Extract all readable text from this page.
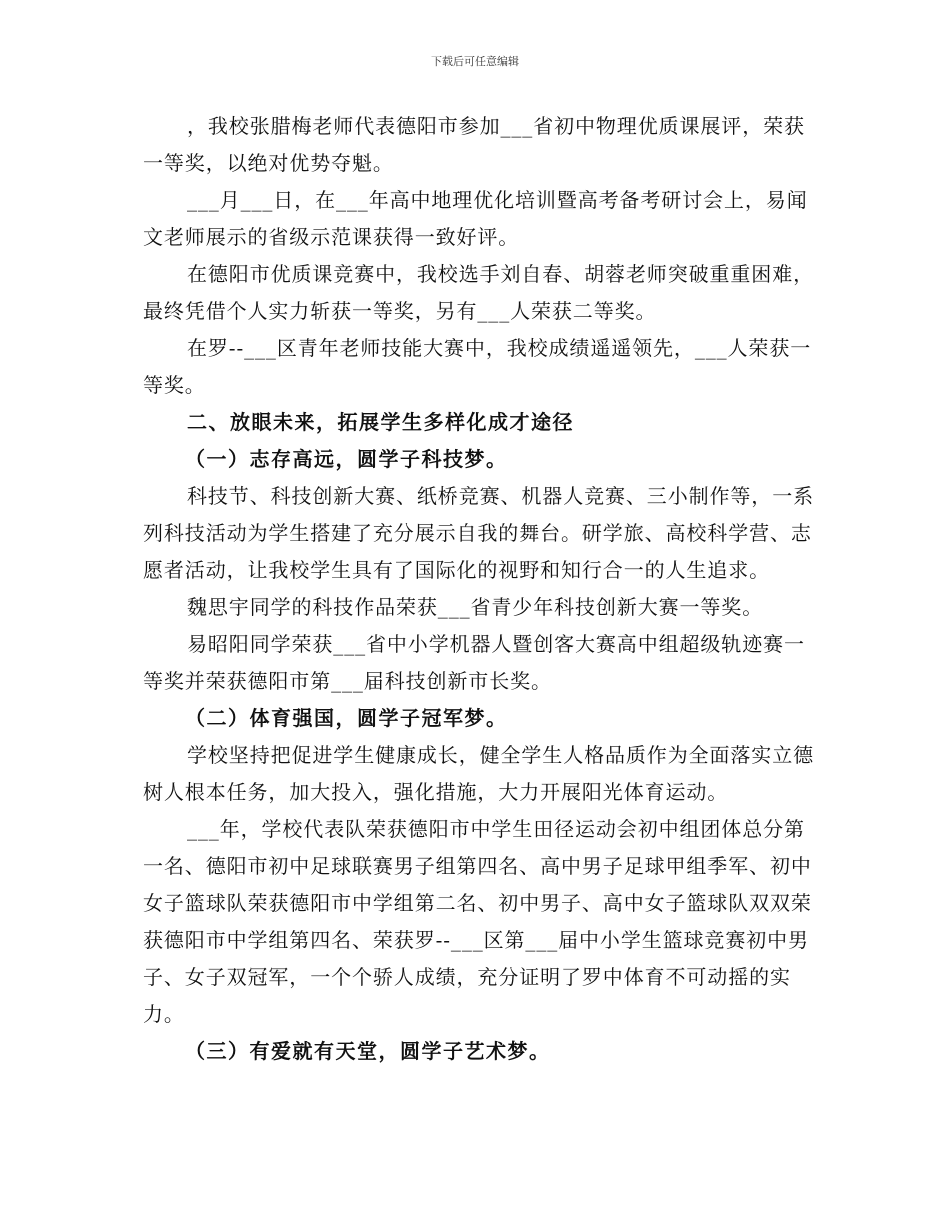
下载后可任意编辑

，我校张腊梅老师代表德阳市参加___省初中物理优质课展评，荣获一等奖，以绝对优势夺魁。

___月___日，在___年高中地理优化培训暨高考备考研讨会上，易闻文老师展示的省级示范课获得一致好评。

在德阳市优质课竞赛中，我校选手刘自春、胡蓉老师突破重重困难，最终凭借个人实力斩获一等奖，另有___人荣获二等奖。

在罗--___区青年老师技能大赛中，我校成绩遥遥领先，___人荣获一等奖。

二、放眼未来，拓展学生多样化成才途径

（一）志存高远，圆学子科技梦。

科技节、科技创新大赛、纸桥竞赛、机器人竞赛、三小制作等，一系列科技活动为学生搭建了充分展示自我的舞台。研学旅、高校科学营、志愿者活动，让我校学生具有了国际化的视野和知行合一的人生追求。

魏思宇同学的科技作品荣获___省青少年科技创新大赛一等奖。

易昭阳同学荣获___省中小学机器人暨创客大赛高中组超级轨迹赛一等奖并荣获德阳市第___届科技创新市长奖。

（二）体育强国，圆学子冠军梦。

学校坚持把促进学生健康成长，健全学生人格品质作为全面落实立德树人根本任务，加大投入，强化措施，大力开展阳光体育运动。

___年，学校代表队荣获德阳市中学生田径运动会初中组团体总分第一名、德阳市初中足球联赛男子组第四名、高中男子足球甲组季军、初中女子篮球队荣获德阳市中学组第二名、初中男子、高中女子篮球队双双荣获德阳市中学组第四名、荣获罗--___区第___届中小学生篮球竞赛初中男子、女子双冠军，一个个骄人成绩，充分证明了罗中体育不可动摇的实力。

（三）有爱就有天堂，圆学子艺术梦。
